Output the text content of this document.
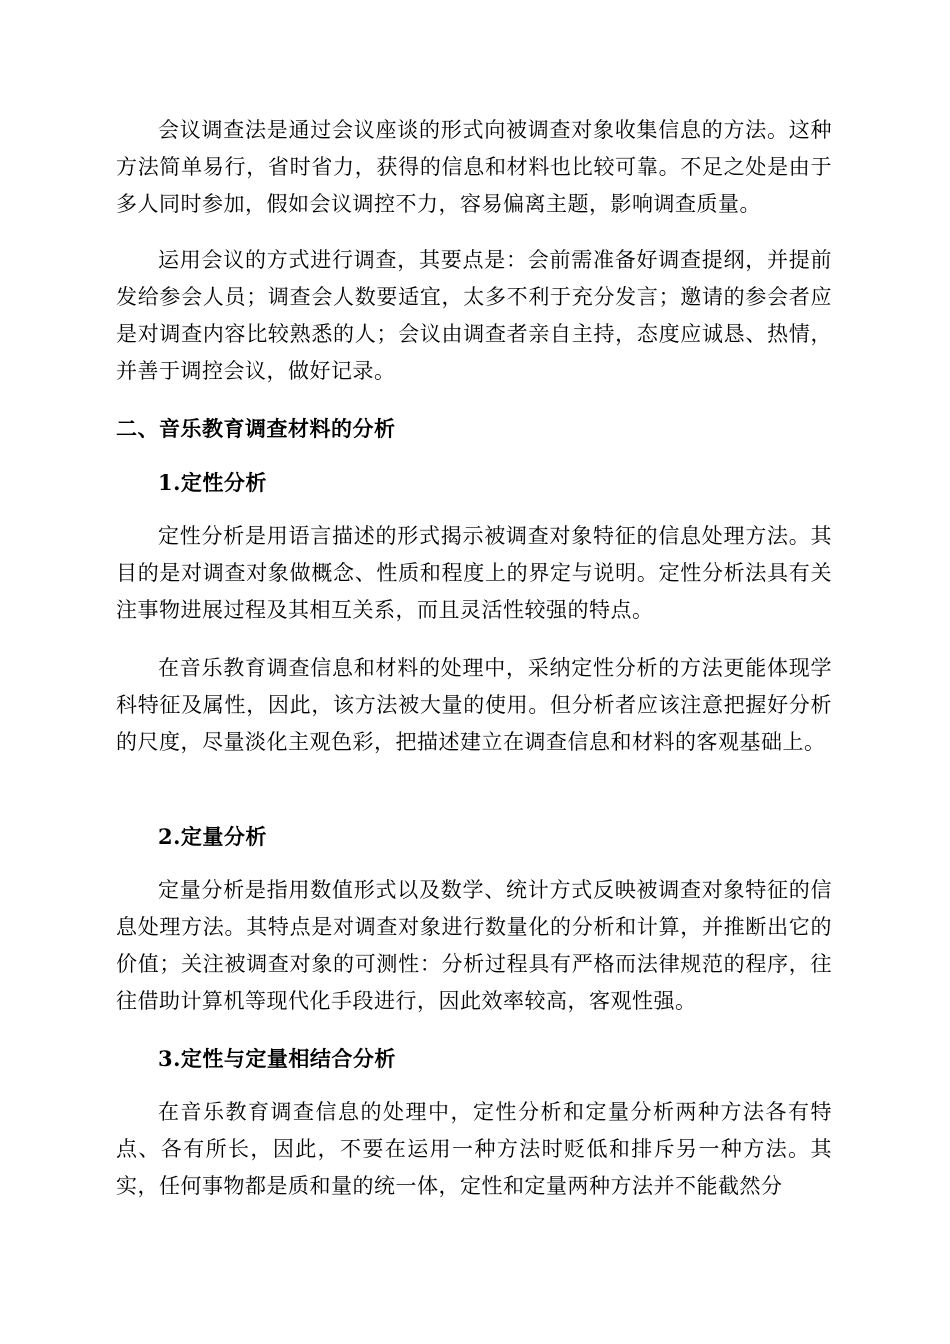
会议调查法是通过会议座谈的形式向被调查对象收集信息的方法。这种方法简单易行，省时省力，获得的信息和材料也比较可靠。不足之处是由于多人同时参加，假如会议调控不力，容易偏离主题，影响调查质量。

运用会议的方式进行调查，其要点是：会前需准备好调查提纲，并提前发给参会人员；调查会人数要适宜，太多不利于充分发言；邀请的参会者应是对调查内容比较熟悉的人；会议由调查者亲自主持，态度应诚恳、热情，并善于调控会议，做好记录。

二、音乐教育调查材料的分析
1.定性分析

定性分析是用语言描述的形式揭示被调查对象特征的信息处理方法。其目的是对调查对象做概念、性质和程度上的界定与说明。定性分析法具有关注事物进展过程及其相互关系，而且灵活性较强的特点。

在音乐教育调查信息和材料的处理中，采纳定性分析的方法更能体现学科特征及属性，因此，该方法被大量的使用。但分析者应该注意把握好分析的尺度，尽量淡化主观色彩，把描述建立在调查信息和材料的客观基础上。

2.定量分析

定量分析是指用数值形式以及数学、统计方式反映被调查对象特征的信息处理方法。其特点是对调查对象进行数量化的分析和计算，并推断出它的价值；关注被调查对象的可测性：分析过程具有严格而法律规范的程序，往往借助计算机等现代化手段进行，因此效率较高，客观性强。

3.定性与定量相结合分析

在音乐教育调查信息的处理中，定性分析和定量分析两种方法各有特点、各有所长，因此，不要在运用一种方法时贬低和排斥另一种方法。其实，任何事物都是质和量的统一体，定性和定量两种方法并不能截然分
